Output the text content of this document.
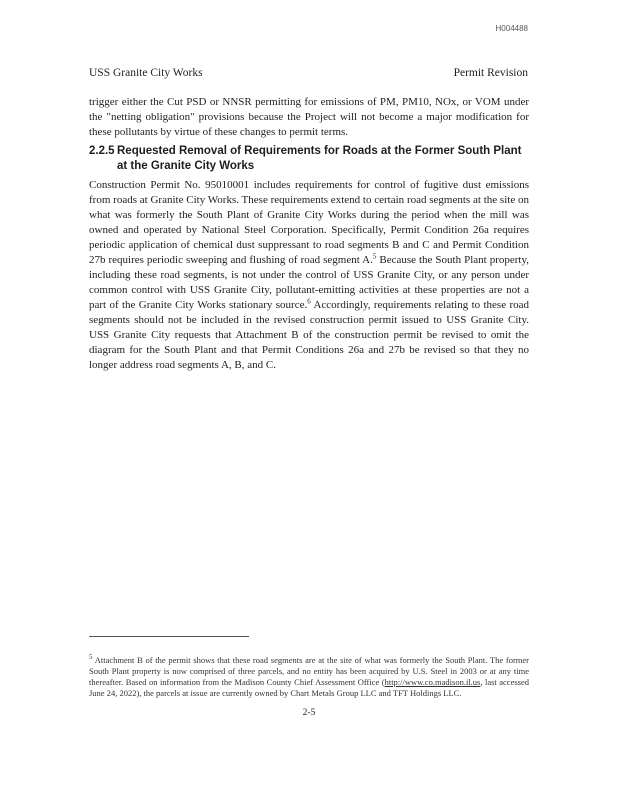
H004488
USS Granite City Works	Permit Revision

trigger either the Cut PSD or NNSR permitting for emissions of PM, PM10, NOx, or VOM under the "netting obligation" provisions because the Project will not become a major modification for these pollutants by virtue of these changes to permit terms.

2.2.5 Requested Removal of Requirements for Roads at the Former South Plant at the Granite City Works

Construction Permit No. 95010001 includes requirements for control of fugitive dust emissions from roads at Granite City Works. These requirements extend to certain road segments at the site on what was formerly the South Plant of Granite City Works during the period when the mill was owned and operated by National Steel Corporation. Specifically, Permit Condition 26a requires periodic application of chemical dust suppressant to road segments B and C and Permit Condition 27b requires periodic sweeping and flushing of road segment A.$^5$ Because the South Plant property, including these road segments, is not under the control of USS Granite City, or any person under common control with USS Granite City, pollutant-emitting activities at these properties are not a part of the Granite City Works stationary source.$^6$ Accordingly, requirements relating to these road segments should not be included in the revised construction permit issued to USS Granite City. USS Granite City requests that Attachment B of the construction permit be revised to omit the diagram for the South Plant and that Permit Conditions 26a and 27b be revised so that they no longer address road segments A, B, and C.

$^5$ Attachment B of the permit shows that these road segments are at the site of what was formerly the South Plant. The former South Plant property is now comprised of three parcels, and no entity has been acquired by U.S. Steel in 2003 or at any time thereafter. Based on information from the Madison County Chief Assessment Office (http://www.co.madison.il.us, last accessed June 24, 2022), the parcels at issue are currently owned by Chart Metals Group LLC and TFT Holdings LLC.
2-5
